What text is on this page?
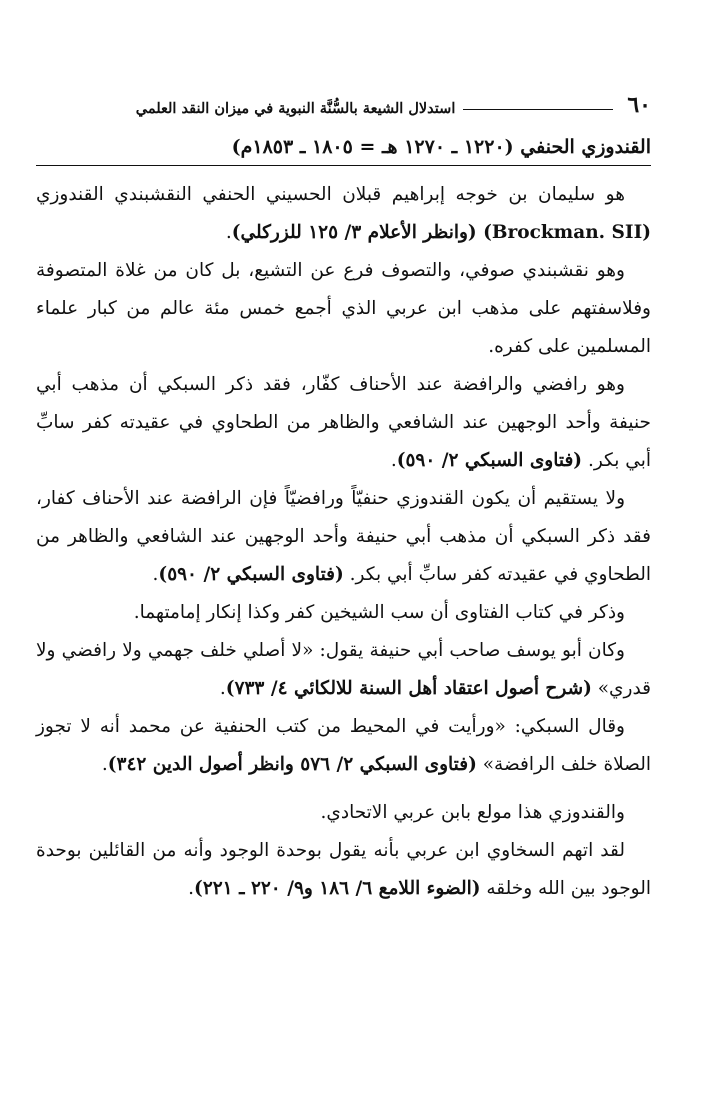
٦٠
استدلال الشيعة بالسُّنَّة النبوية في ميزان النقد العلمي
القندوزي الحنفي (١٢٢٠ ـ ١٢٧٠ هـ = ١٨٠٥ ـ ١٨٥٣م)

هو سليمان بن خوجه إبراهيم قبلان الحسيني الحنفي النقشبندي القندوزي (Brockman. SII) (وانظر الأعلام ٣/ ١٢٥ للزركلي).

وهو نقشبندي صوفي، والتصوف فرع عن التشيع، بل كان من غلاة المتصوفة وفلاسفتهم على مذهب ابن عربي الذي أجمع خمس مئة عالم من كبار علماء المسلمين على كفره.

وهو رافضي والرافضة عند الأحناف كفّار، فقد ذكر السبكي أن مذهب أبي حنيفة وأحد الوجهين عند الشافعي والظاهر من الطحاوي في عقيدته كفر سابِّ أبي بكر. (فتاوى السبكي ٢/ ٥٩٠).

ولا يستقيم أن يكون القندوزي حنفيّاً ورافضيّاً فإن الرافضة عند الأحناف كفار، فقد ذكر السبكي أن مذهب أبي حنيفة وأحد الوجهين عند الشافعي والظاهر من الطحاوي في عقيدته كفر سابِّ أبي بكر. (فتاوى السبكي ٢/ ٥٩٠).

وذكر في كتاب الفتاوى أن سب الشيخين كفر وكذا إنكار إمامتهما.

وكان أبو يوسف صاحب أبي حنيفة يقول: «لا أصلي خلف جهمي ولا رافضي ولا قدري» (شرح أصول اعتقاد أهل السنة للالكائي ٤/ ٧٣٣).

وقال السبكي: «ورأيت في المحيط من كتب الحنفية عن محمد أنه لا تجوز الصلاة خلف الرافضة» (فتاوى السبكي ٢/ ٥٧٦ وانظر أصول الدين ٣٤٢).

والقندوزي هذا مولع بابن عربي الاتحادي.

لقد اتهم السخاوي ابن عربي بأنه يقول بوحدة الوجود وأنه من القائلين بوحدة الوجود بين الله وخلقه (الضوء اللامع ٦/ ١٨٦ و٩/ ٢٢٠ ـ ٢٢١).
